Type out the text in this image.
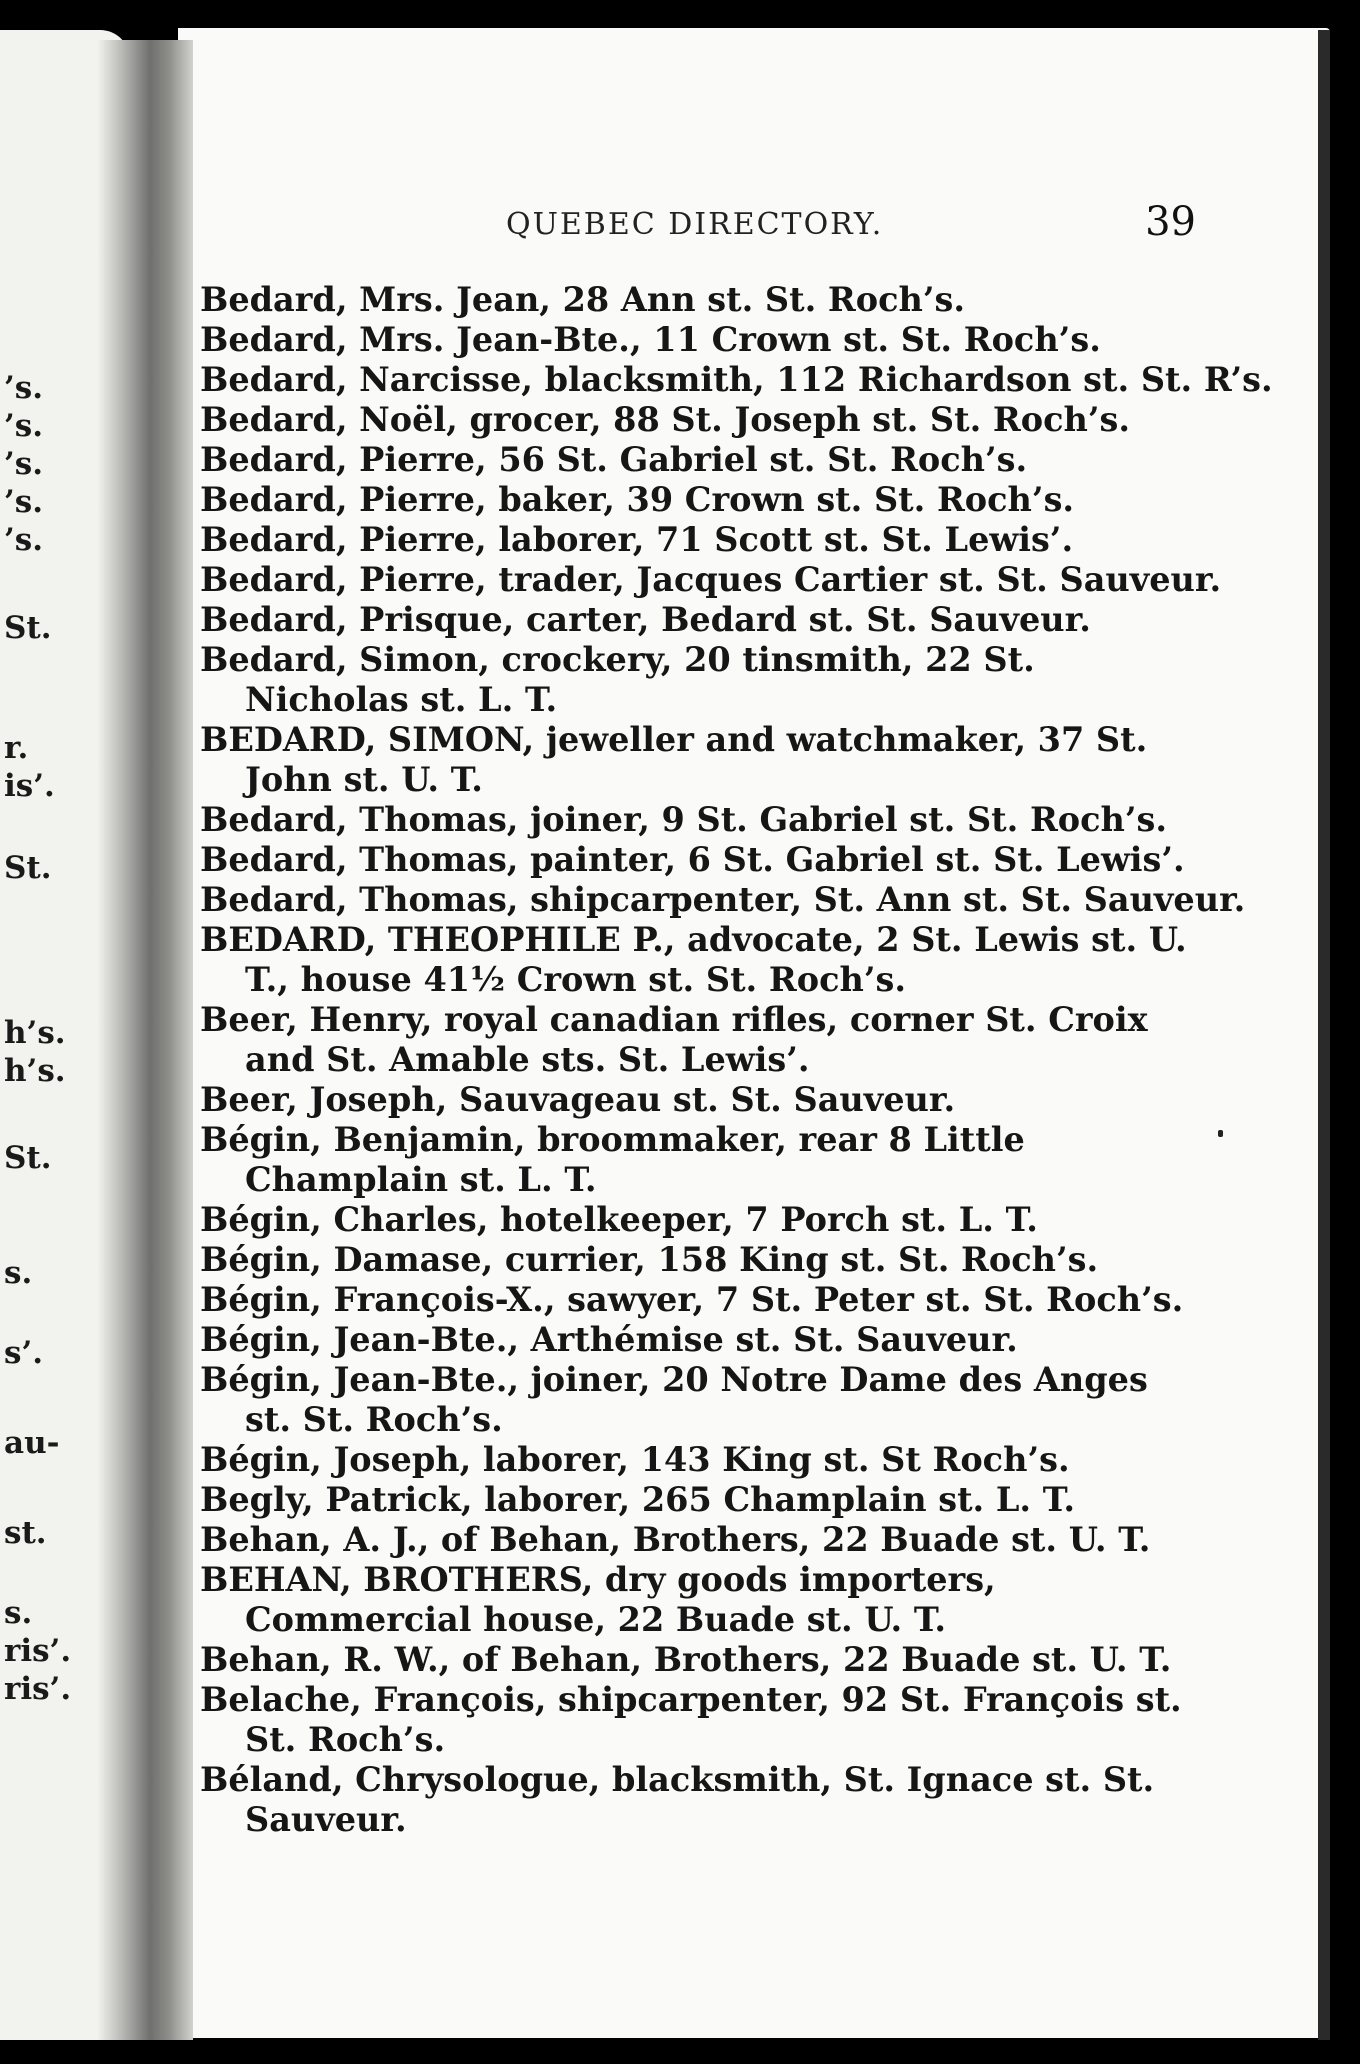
’s.
’s.
’s.
’s.
’s.
St.
r.
is’.
St.
h’s.
h’s.
St.
s.
s’.
au-
st.
s.
ris’.
ris’.
QUEBEC DIRECTORY.	39

Bedard, Mrs. Jean, 28 Ann st. St. Roch’s.

Bedard, Mrs. Jean-Bte., 11 Crown st. St. Roch’s.

Bedard, Narcisse, blacksmith, 112 Richardson st. St. R’s.

Bedard, Noël, grocer, 88 St. Joseph st. St. Roch’s.

Bedard, Pierre, 56 St. Gabriel st. St. Roch’s.

Bedard, Pierre, baker, 39 Crown st. St. Roch’s.

Bedard, Pierre, laborer, 71 Scott st. St. Lewis’.

Bedard, Pierre, trader, Jacques Cartier st. St. Sauveur.

Bedard, Prisque, carter, Bedard st. St. Sauveur.

Bedard, Simon, crockery, 20 tinsmith, 22 St. Nicholas st. L. T.

BEDARD, SIMON, jeweller and watchmaker, 37 St. John st. U. T.

Bedard, Thomas, joiner, 9 St. Gabriel st. St. Roch’s.

Bedard, Thomas, painter, 6 St. Gabriel st. St. Lewis’.

Bedard, Thomas, shipcarpenter, St. Ann st. St. Sauveur.

BEDARD, THEOPHILE P., advocate, 2 St. Lewis st. U. T., house 41½ Crown st. St. Roch’s.

Beer, Henry, royal canadian rifles, corner St. Croix and St. Amable sts. St. Lewis’.

Beer, Joseph, Sauvageau st. St. Sauveur.

Bégin, Benjamin, broommaker, rear 8 Little Champlain st. L. T.

Bégin, Charles, hotelkeeper, 7 Porch st. L. T.

Bégin, Damase, currier, 158 King st. St. Roch’s.

Bégin, François-X., sawyer, 7 St. Peter st. St. Roch’s.

Bégin, Jean-Bte., Arthémise st. St. Sauveur.

Bégin, Jean-Bte., joiner, 20 Notre Dame des Anges st. St. Roch’s.

Bégin, Joseph, laborer, 143 King st. St Roch’s.

Begly, Patrick, laborer, 265 Champlain st. L. T.

Behan, A. J., of Behan, Brothers, 22 Buade st. U. T.

BEHAN, BROTHERS, dry goods importers, Commercial house, 22 Buade st. U. T.

Behan, R. W., of Behan, Brothers, 22 Buade st. U. T.

Belache, François, shipcarpenter, 92 St. François st. St. Roch’s.

Béland, Chrysologue, blacksmith, St. Ignace st. St. Sauveur.
